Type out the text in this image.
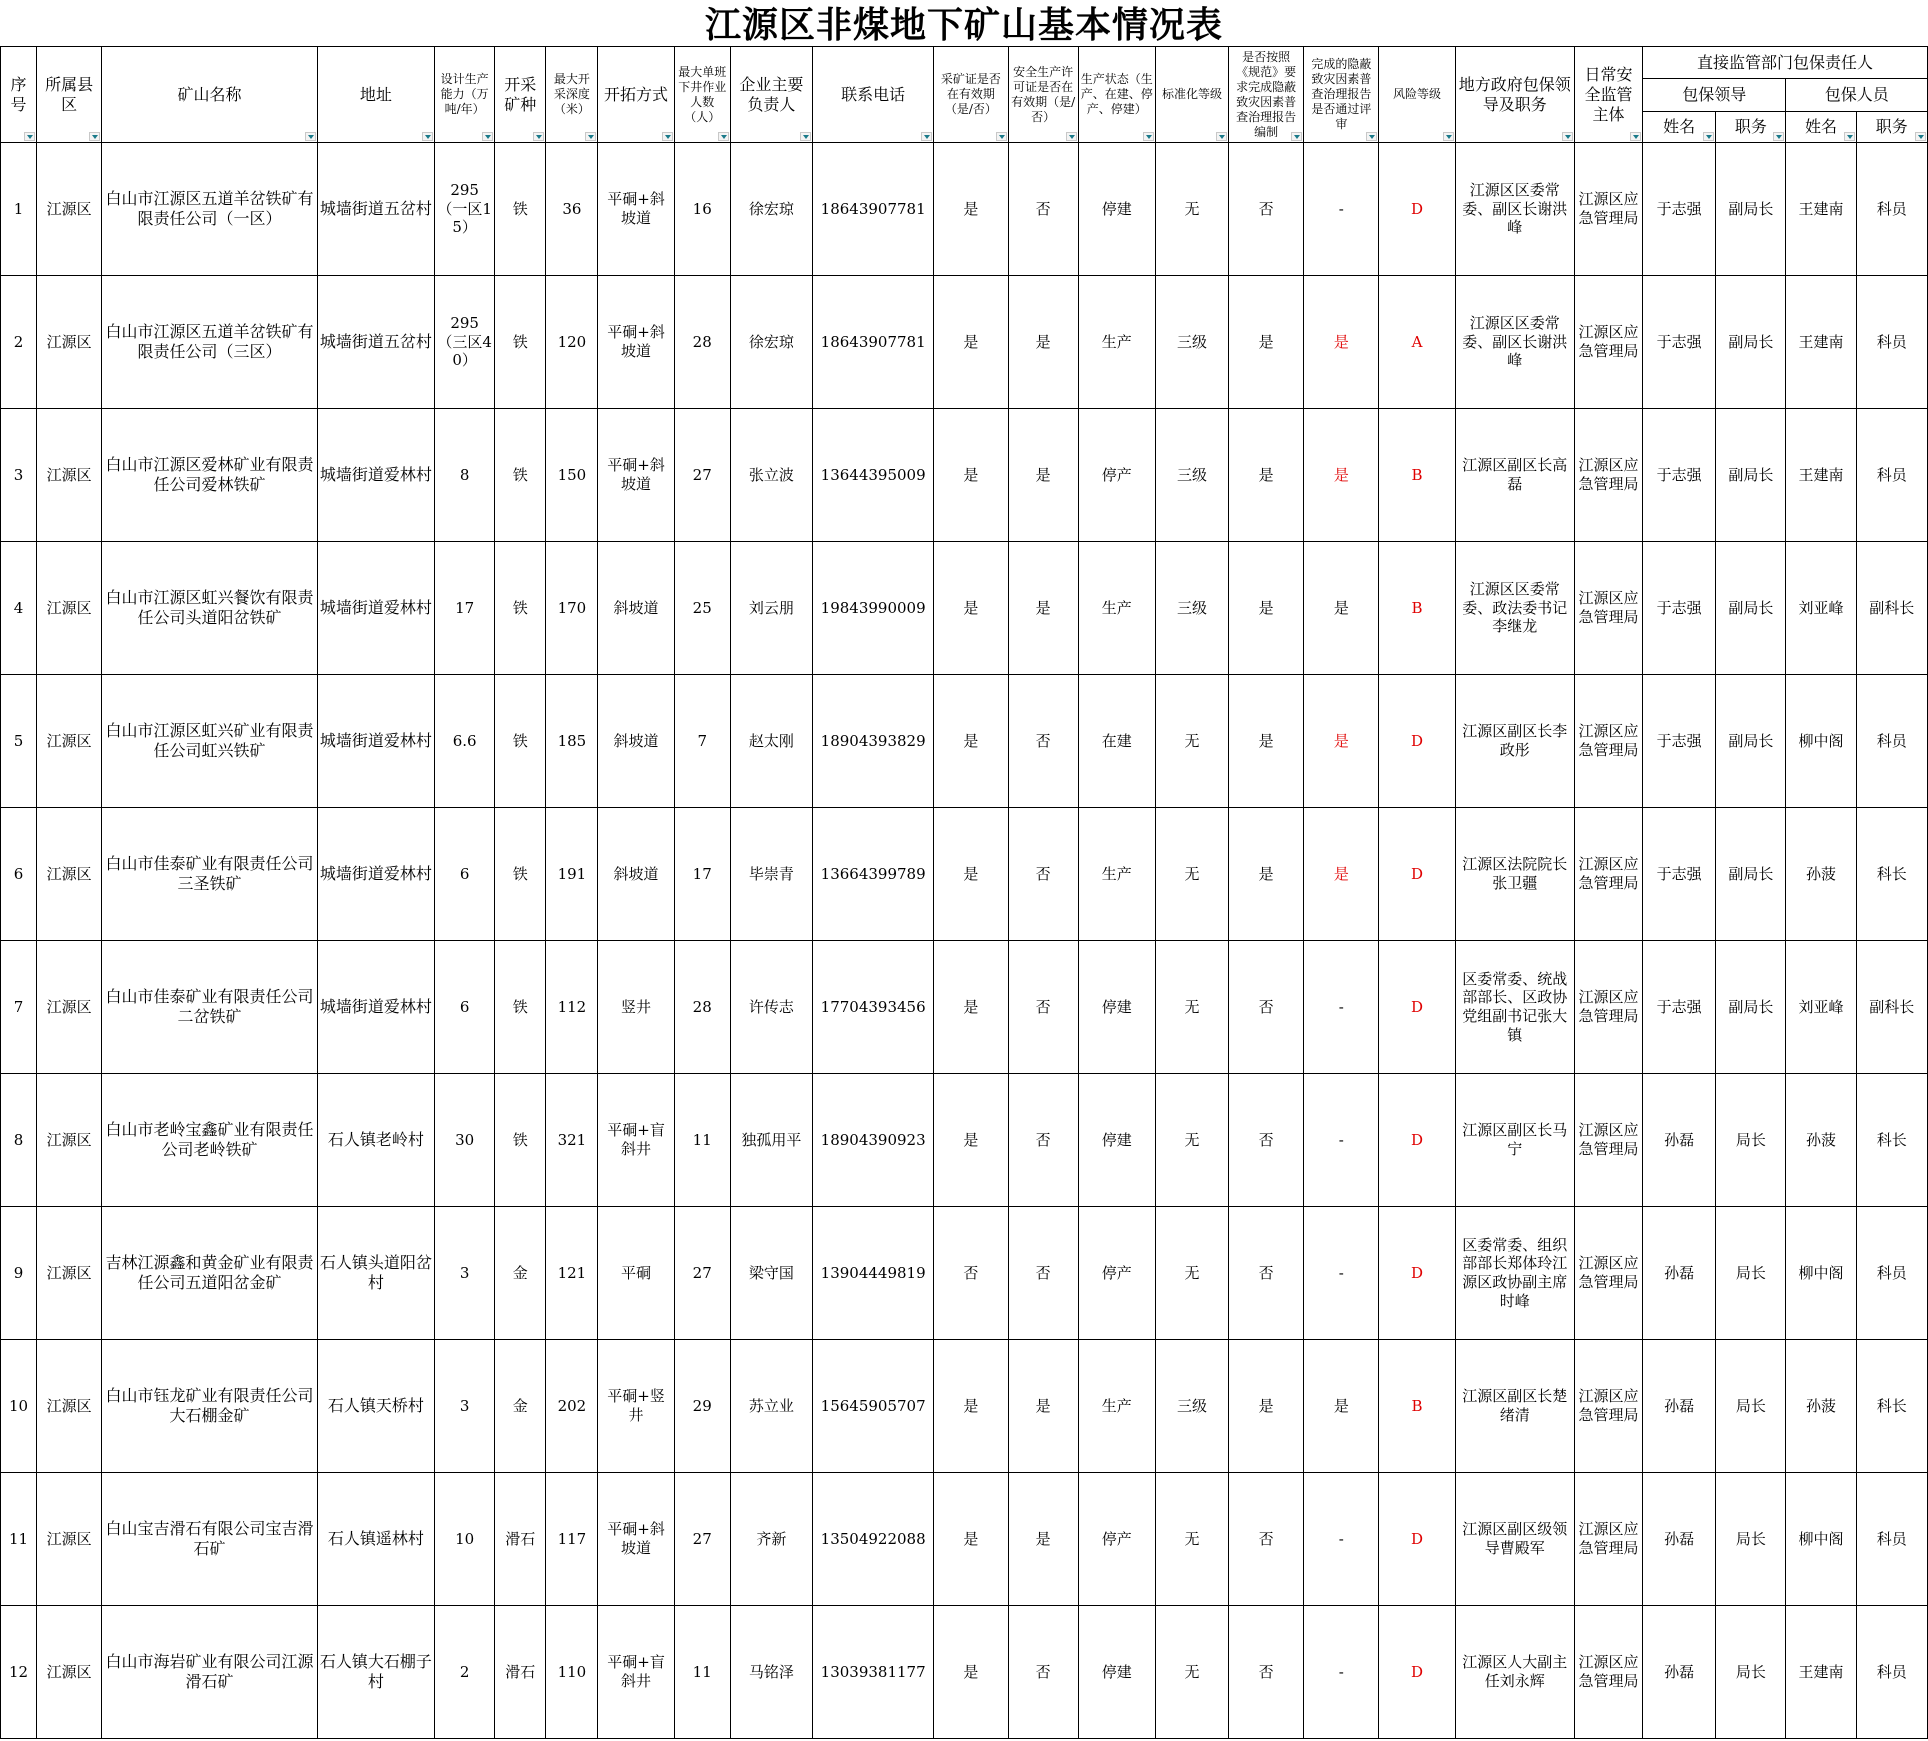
江源区非煤地下矿山基本情况表
序号	所属县区	矿山名称	地址	设计生产能力（万吨/年）	开采矿种	最大开采深度（米）	开拓方式	最大单班下井作业人数（人）	企业主要负责人	联系电话	采矿证是否在有效期（是/否）	安全生产许可证是否在有效期（是/否）	生产状态（生产、在建、停产、停建）	标准化等级	是否按照《规范》要求完成隐蔽致灾因素普查治理报告编制	完成的隐蔽致灾因素普查治理报告是否通过评审	风险等级	地方政府包保领导及职务	日常安全监管主体	直接监管部门包保责任人			
																				包保领导		包保人员	
																				姓名	职务	姓名	职务

1	江源区	白山市江源区五道羊岔铁矿有限责任公司（一区）	城墙街道五岔村	295（一区15）	铁	36	平硐+斜坡道	16	徐宏琼	18643907781	是	否	停建	无	否	-	D	江源区区委常委、副区长谢洪峰	江源区应急管理局	于志强	副局长	王建南	科员
2	江源区	白山市江源区五道羊岔铁矿有限责任公司（三区）	城墙街道五岔村	295（三区40）	铁	120	平硐+斜坡道	28	徐宏琼	18643907781	是	是	生产	三级	是	是	A	江源区区委常委、副区长谢洪峰	江源区应急管理局	于志强	副局长	王建南	科员
3	江源区	白山市江源区爱林矿业有限责任公司爱林铁矿	城墙街道爱林村	8	铁	150	平硐+斜坡道	27	张立波	13644395009	是	是	停产	三级	是	是	B	江源区副区长高磊	江源区应急管理局	于志强	副局长	王建南	科员
4	江源区	白山市江源区虹兴餐饮有限责任公司头道阳岔铁矿	城墙街道爱林村	17	铁	170	斜坡道	25	刘云朋	19843990009	是	是	生产	三级	是	是	B	江源区区委常委、政法委书记李继龙	江源区应急管理局	于志强	副局长	刘亚峰	副科长
5	江源区	白山市江源区虹兴矿业有限责任公司虹兴铁矿	城墙街道爱林村	6.6	铁	185	斜坡道	7	赵太刚	18904393829	是	否	在建	无	是	是	D	江源区副区长李政彤	江源区应急管理局	于志强	副局长	柳中阁	科员
6	江源区	白山市佳泰矿业有限责任公司三圣铁矿	城墙街道爱林村	6	铁	191	斜坡道	17	毕崇青	13664399789	是	否	生产	无	是	是	D	江源区法院院长张卫疆	江源区应急管理局	于志强	副局长	孙菠	科长
7	江源区	白山市佳泰矿业有限责任公司二岔铁矿	城墙街道爱林村	6	铁	112	竖井	28	许传志	17704393456	是	否	停建	无	否	-	D	区委常委、统战部部长、区政协党组副书记张大镇	江源区应急管理局	于志强	副局长	刘亚峰	副科长
8	江源区	白山市老岭宝鑫矿业有限责任公司老岭铁矿	石人镇老岭村	30	铁	321	平硐+盲斜井	11	独孤用平	18904390923	是	否	停建	无	否	-	D	江源区副区长马宁	江源区应急管理局	孙磊	局长	孙菠	科长
9	江源区	吉林江源鑫和黄金矿业有限责任公司五道阳岔金矿	石人镇头道阳岔村	3	金	121	平硐	27	梁守国	13904449819	否	否	停产	无	否	-	D	区委常委、组织部部长郑体玲江源区政协副主席时峰	江源区应急管理局	孙磊	局长	柳中阁	科员
10	江源区	白山市钰龙矿业有限责任公司大石棚金矿	石人镇天桥村	3	金	202	平硐+竖井	29	苏立业	15645905707	是	是	生产	三级	是	是	B	江源区副区长楚绪清	江源区应急管理局	孙磊	局长	孙菠	科长
11	江源区	白山宝吉滑石有限公司宝吉滑石矿	石人镇遥林村	10	滑石	117	平硐+斜坡道	27	齐新	13504922088	是	是	停产	无	否	-	D	江源区副区级领导曹殿军	江源区应急管理局	孙磊	局长	柳中阁	科员
12	江源区	白山市海岩矿业有限公司江源滑石矿	石人镇大石棚子村	2	滑石	110	平硐+盲斜井	11	马铭泽	13039381177	是	否	停建	无	否	-	D	江源区人大副主任刘永辉	江源区应急管理局	孙磊	局长	王建南	科员
